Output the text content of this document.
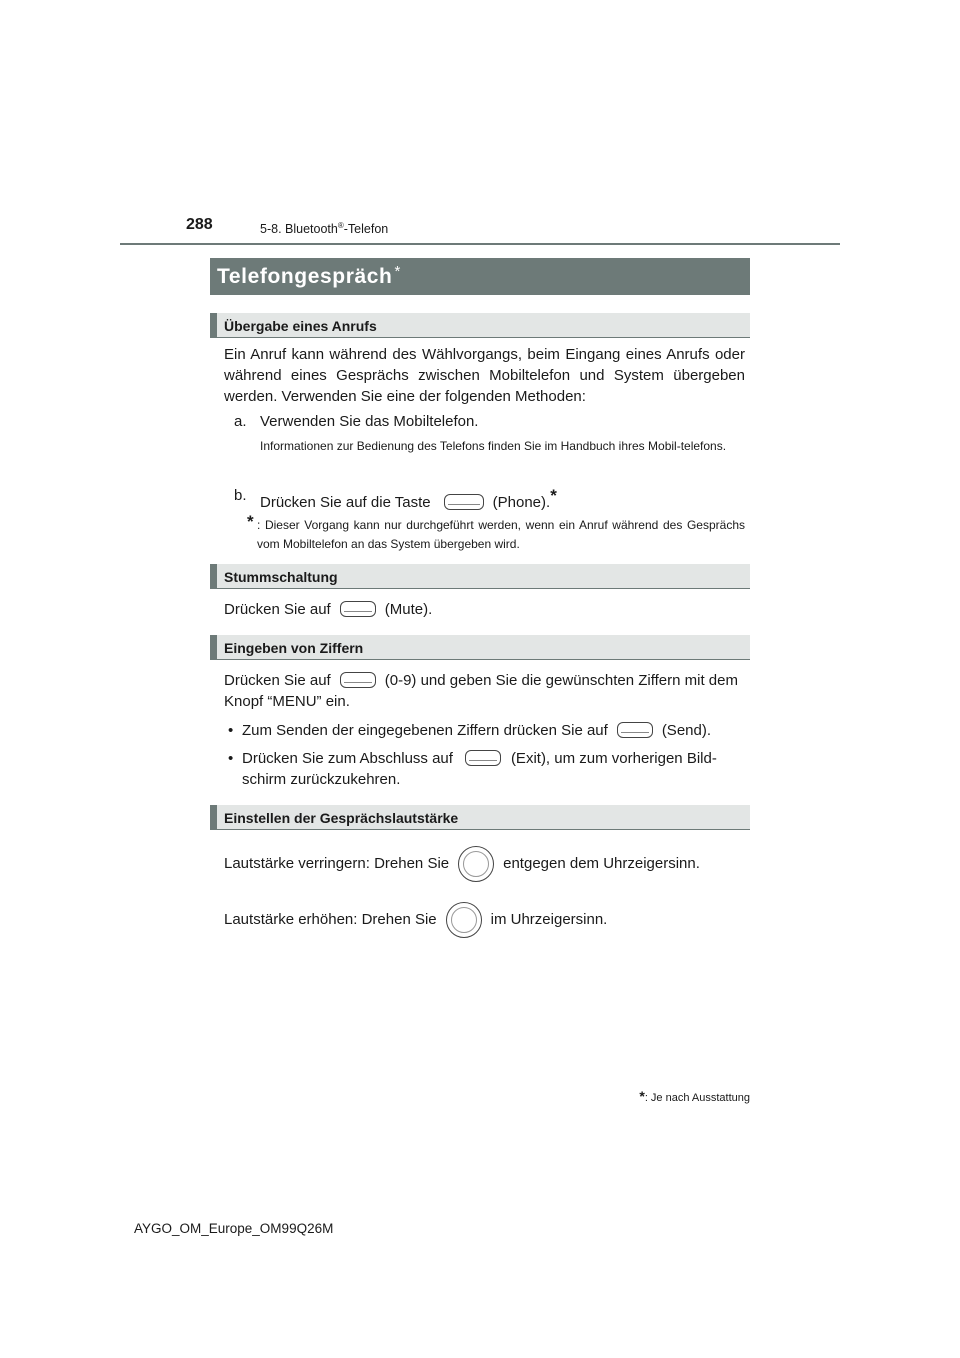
288	5-8. Bluetooth®-Telefon
Telefongespräch *
Übergabe eines Anrufs
Ein Anruf kann während des Wählvorgangs, beim Eingang eines Anrufs oder während eines Gesprächs zwischen Mobiltelefon und System übergeben werden. Verwenden Sie eine der folgenden Methoden:
a. Verwenden Sie das Mobiltelefon.
Informationen zur Bedienung des Telefons finden Sie im Handbuch ihres Mobil-telefons.
b. Drücken Sie auf die Taste	(Phone).*
* : Dieser Vorgang kann nur durchgeführt werden, wenn ein Anruf während des Gesprächs vom Mobiltelefon an das System übergeben wird.
Stummschaltung
Drücken Sie auf	(Mute).
Eingeben von Ziffern
Drücken Sie auf	(0-9) und geben Sie die gewünschten Ziffern mit dem Knopf “MENU” ein.
• Zum Senden der eingegebenen Ziffern drücken Sie auf	(Send).
• Drücken Sie zum Abschluss auf	(Exit), um zum vorherigen Bild-schirm zurückzukehren.
Einstellen der Gesprächslautstärke
Lautstärke verringern: Drehen Sie	entgegen dem Uhrzeigersinn.
Lautstärke erhöhen: Drehen Sie	im Uhrzeigersinn.
*: Je nach Ausstattung
AYGO_OM_Europe_OM99Q26M
